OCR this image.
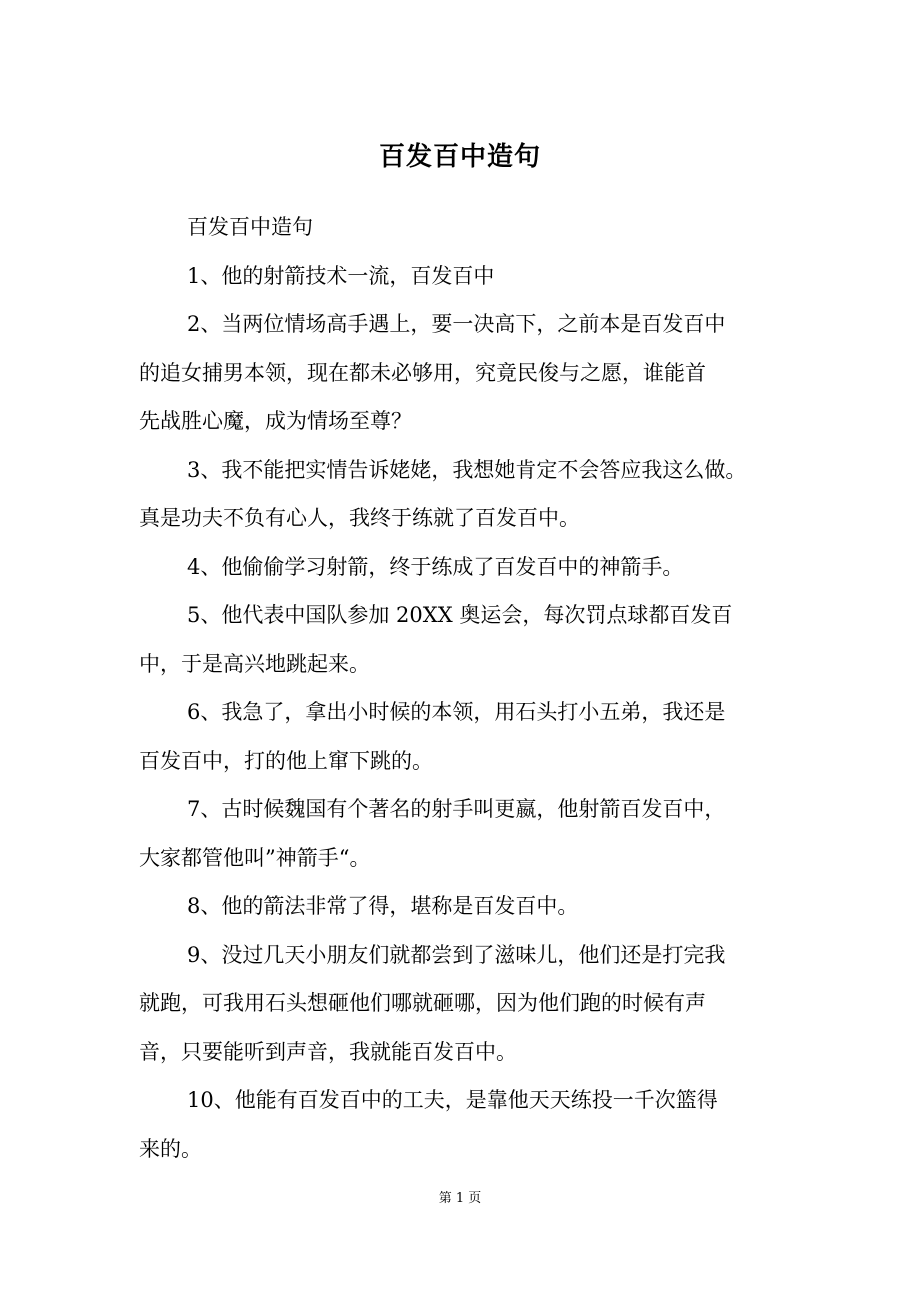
百发百中造句

百发百中造句

1、他的射箭技术一流，百发百中

2、当两位情场高手遇上，要一决高下，之前本是百发百中
的追女捕男本领，现在都未必够用，究竟民俊与之愿，谁能首
先战胜心魔，成为情场至尊？

3、我不能把实情告诉姥姥，我想她肯定不会答应我这么做。
真是功夫不负有心人，我终于练就了百发百中。

4、他偷偷学习射箭，终于练成了百发百中的神箭手。

5、他代表中国队参加 20XX 奥运会，每次罚点球都百发百
中，于是高兴地跳起来。

6、我急了，拿出小时候的本领，用石头打小五弟，我还是
百发百中，打的他上窜下跳的。

7、古时候魏国有个著名的射手叫更嬴，他射箭百发百中，
大家都管他叫”神箭手“。

8、他的箭法非常了得，堪称是百发百中。

9、没过几天小朋友们就都尝到了滋味儿，他们还是打完我
就跑，可我用石头想砸他们哪就砸哪，因为他们跑的时候有声
音，只要能听到声音，我就能百发百中。

10、他能有百发百中的工夫，是靠他天天练投一千次篮得
来的。

第 1 页
